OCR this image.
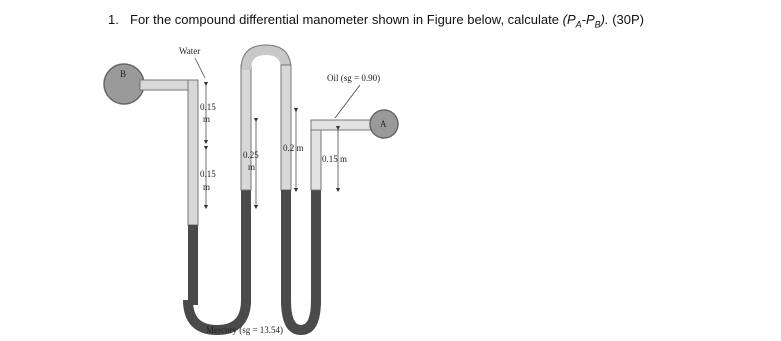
1. For the compound differential manometer shown in Figure below, calculate $(P_A-P_B)$. (30P)
B
A
Water
Oil (sg = 0.90)
Mercury (sg = 13.54)
0.15
m
0.15
m
0.25
m
0.2 m
0.15 m
